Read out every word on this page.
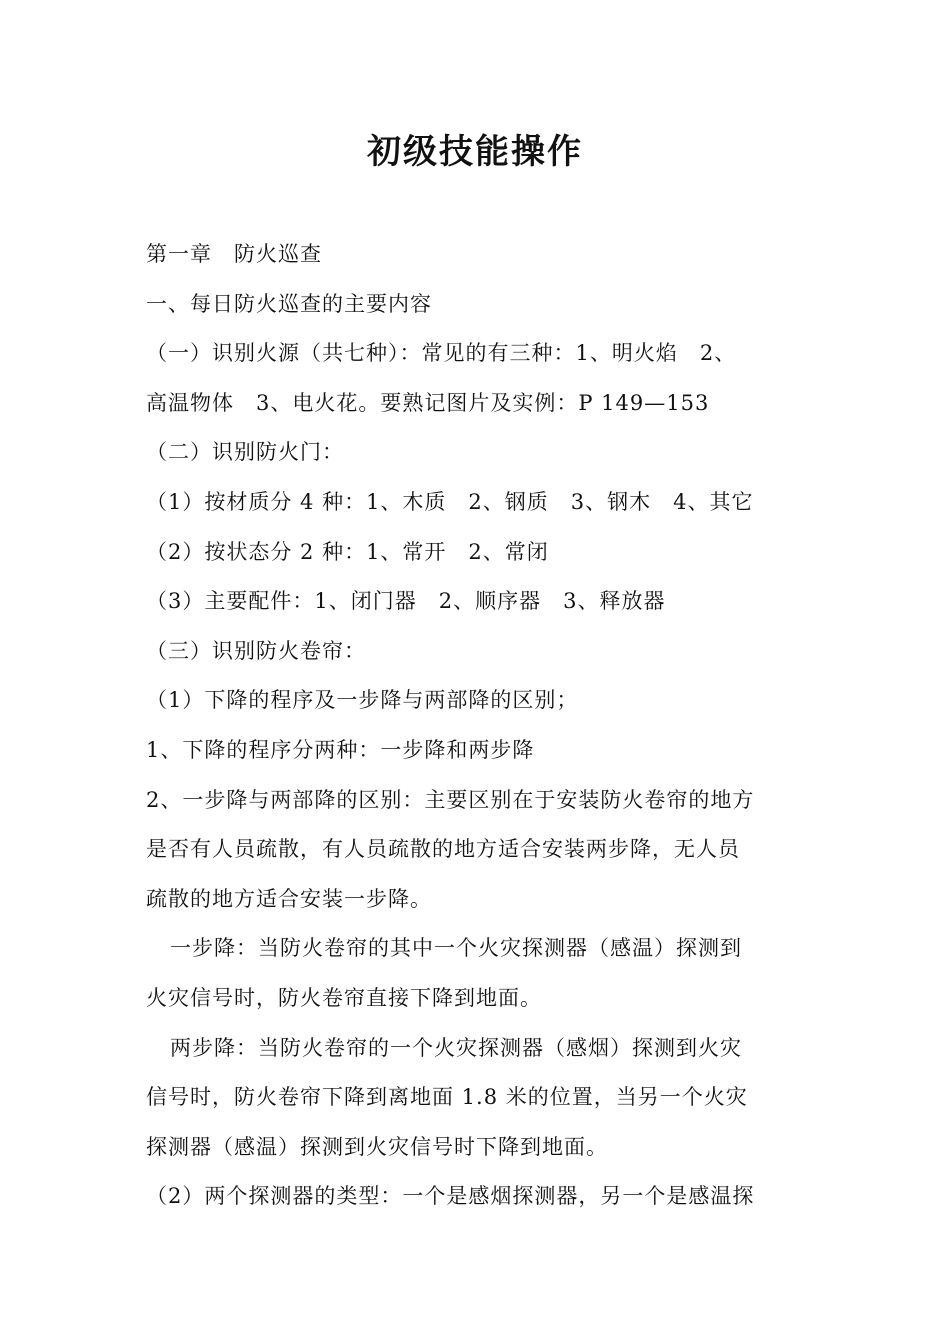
初级技能操作
第一章　防火巡查
一、每日防火巡查的主要内容
（一）识别火源（共七种）：常见的有三种：1、明火焰　2、
高温物体　3、电火花。要熟记图片及实例：P 149—153
（二）识别防火门：
（1）按材质分 4 种：1、木质　2、钢质　3、钢木　4、其它
（2）按状态分 2 种：1、常开　2、常闭
（3）主要配件：1、闭门器　2、顺序器　3、释放器
（三）识别防火卷帘：
（1）下降的程序及一步降与两部降的区别；
1、下降的程序分两种：一步降和两步降
2、一步降与两部降的区别：主要区别在于安装防火卷帘的地方
是否有人员疏散，有人员疏散的地方适合安装两步降，无人员
疏散的地方适合安装一步降。
一步降：当防火卷帘的其中一个火灾探测器（感温）探测到
火灾信号时，防火卷帘直接下降到地面。
两步降：当防火卷帘的一个火灾探测器（感烟）探测到火灾
信号时，防火卷帘下降到离地面 1.8 米的位置，当另一个火灾
探测器（感温）探测到火灾信号时下降到地面。
（2）两个探测器的类型：一个是感烟探测器，另一个是感温探
